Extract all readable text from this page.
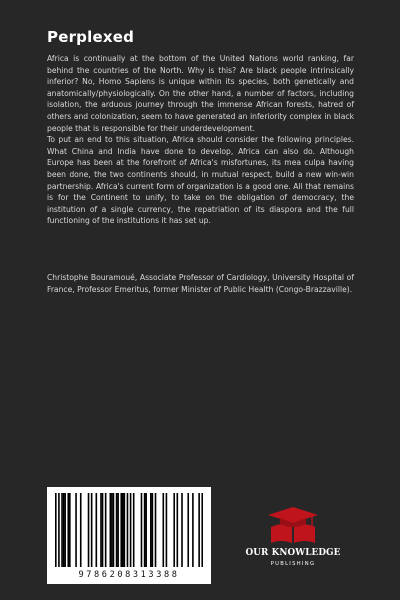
Perplexed

Africa is continually at the bottom of the United Nations world ranking, far behind the countries of the North. Why is this? Are black people intrinsically inferior? No, Homo Sapiens is unique within its species, both genetically and anatomically/physiologically. On the other hand, a number of factors, including isolation, the arduous journey through the immense African forests, hatred of others and colonization, seem to have generated an inferiority complex in black people that is responsible for their underdevelopment.

To put an end to this situation, Africa should consider the following principles. What China and India have done to develop, Africa can also do. Although Europe has been at the forefront of Africa's misfortunes, its mea culpa having been done, the two continents should, in mutual respect, build a new win-win partnership. Africa's current form of organization is a good one. All that remains is for the Continent to unify, to take on the obligation of democracy, the institution of a single currency, the repatriation of its diaspora and the full functioning of the institutions it has set up.

Christophe Bouramoué, Associate Professor of Cardiology, University Hospital of France, Professor Emeritus, former Minister of Public Health (Congo-Brazzaville).

9786208313388
OUR KNOWLEDGE
PUBLISHING
